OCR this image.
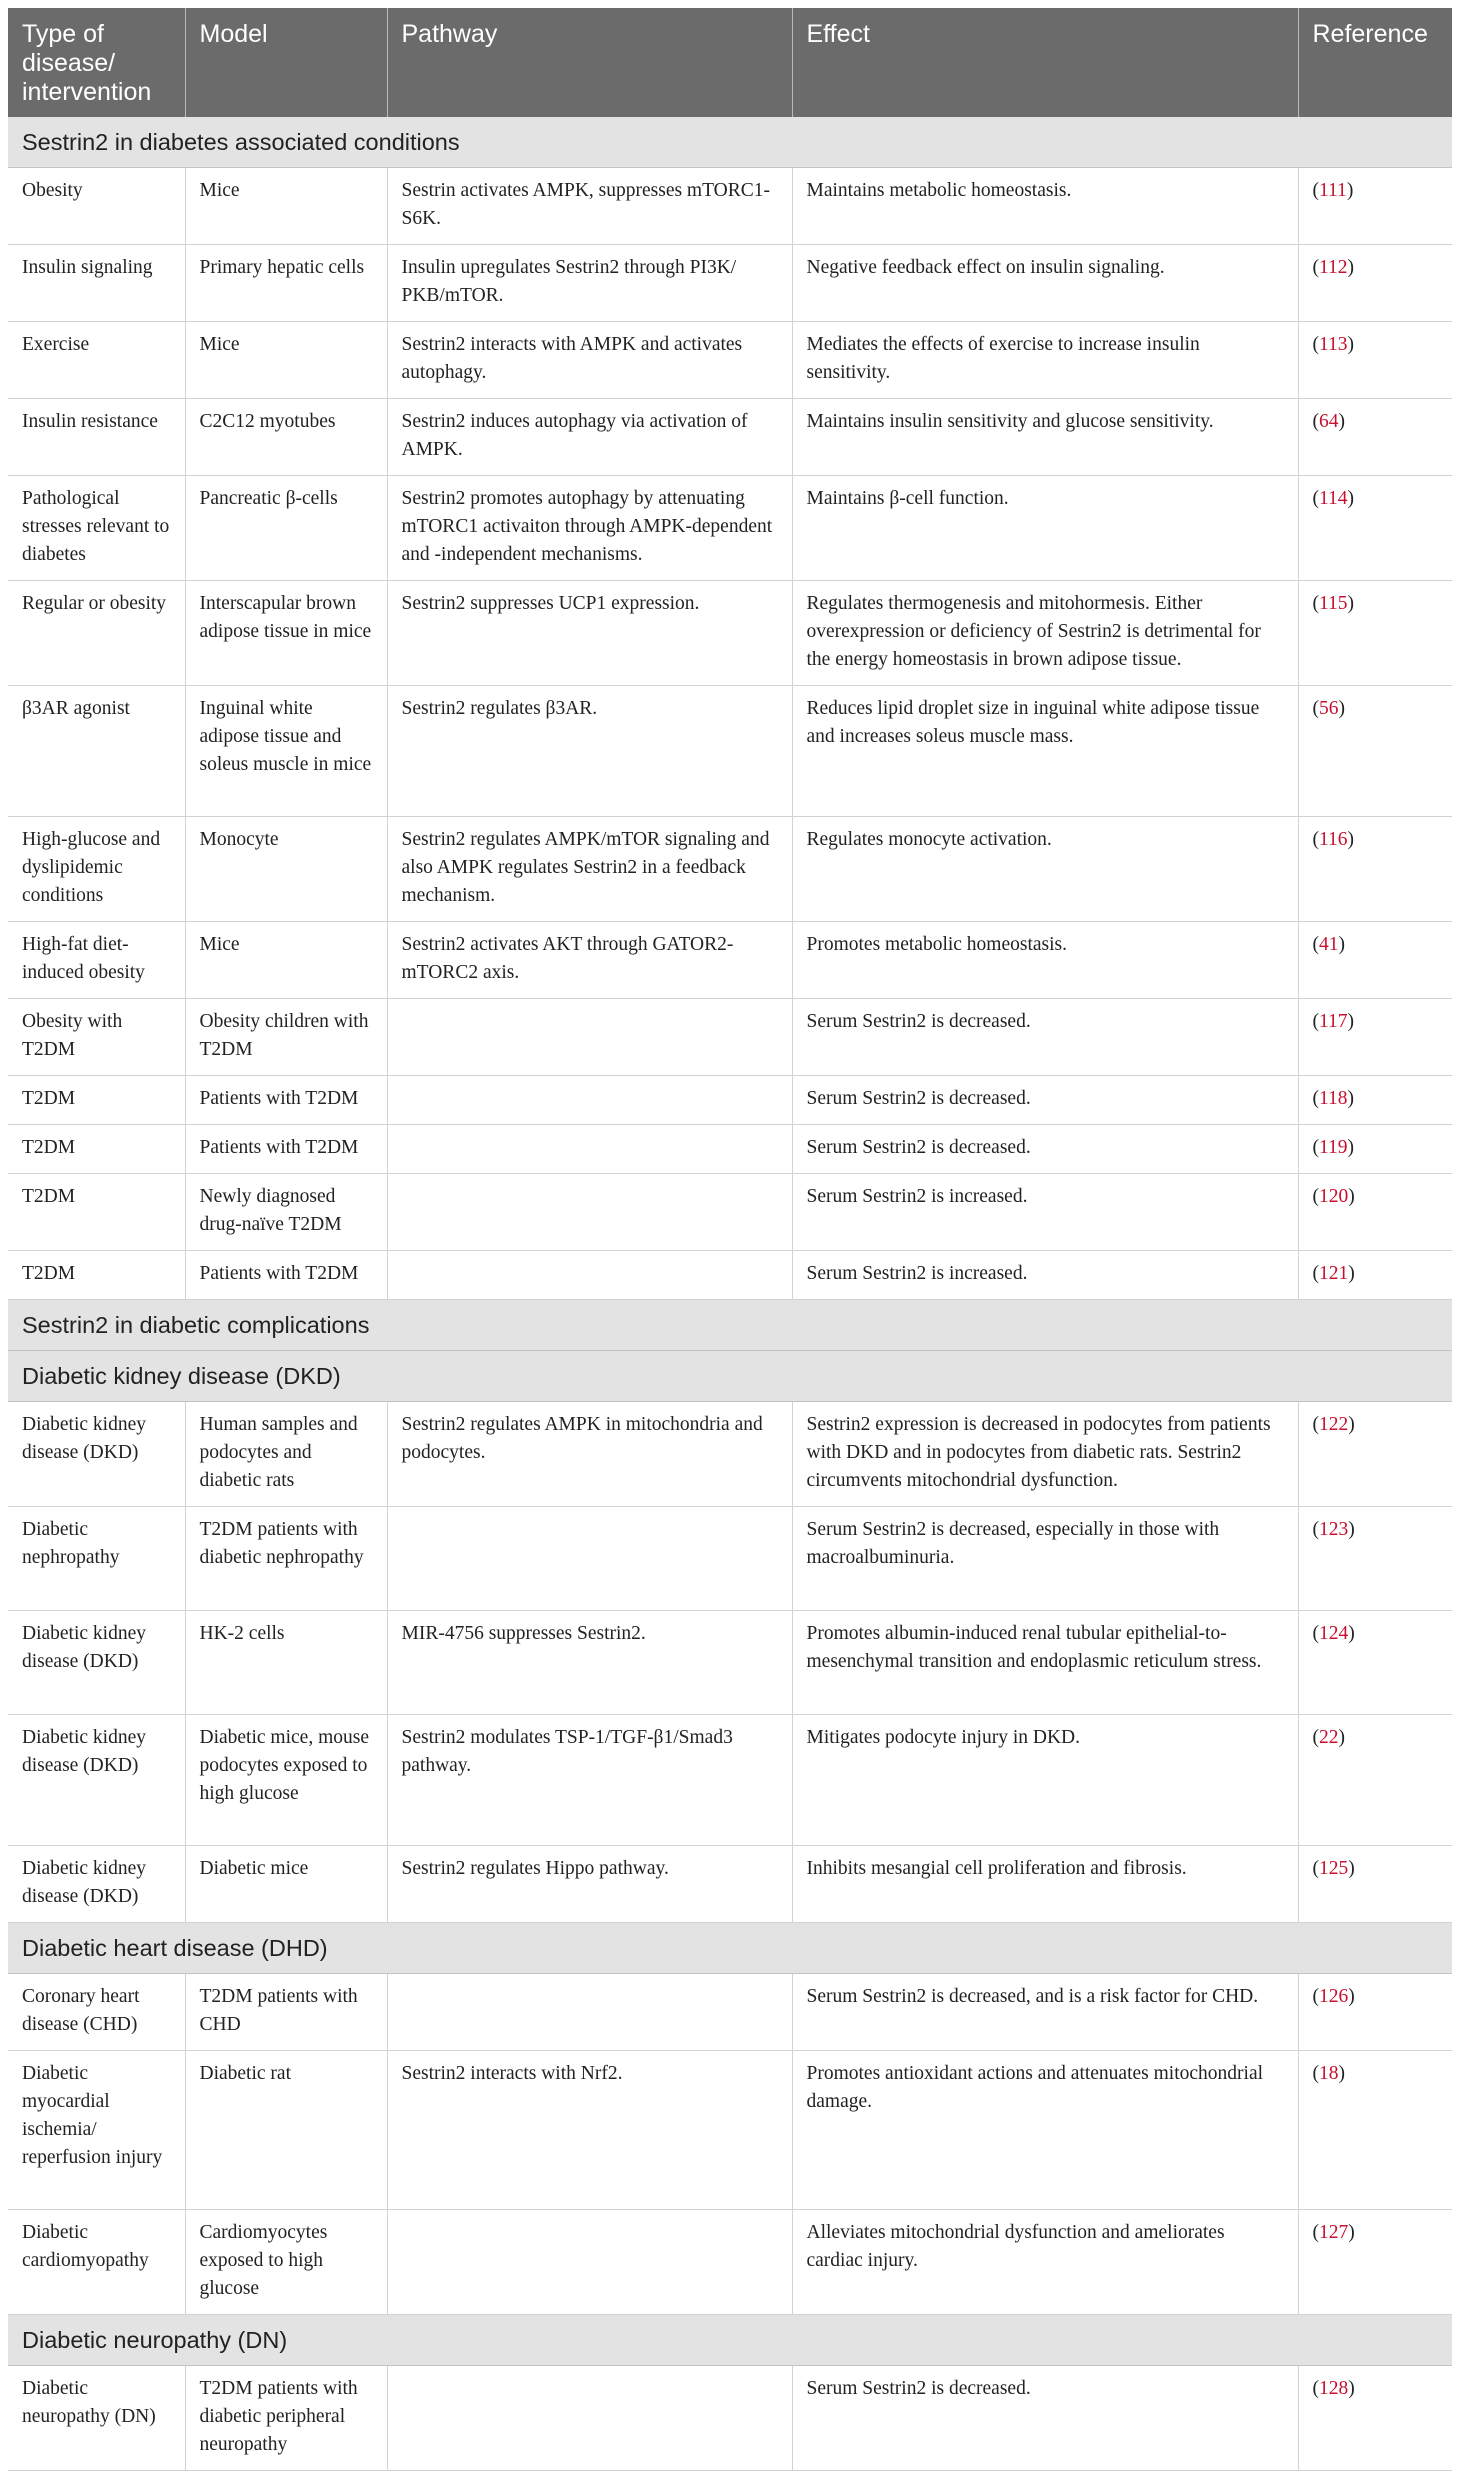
Type of disease/ intervention	Model	Pathway	Effect	Reference
Sestrin2 in diabetes associated conditions				
Obesity	Mice	Sestrin activates AMPK, suppresses mTORC1-S6K.	Maintains metabolic homeostasis.	(111)
Insulin signaling	Primary hepatic cells	Insulin upregulates Sestrin2 through PI3K/ PKB/mTOR.	Negative feedback effect on insulin signaling.	(112)
Exercise	Mice	Sestrin2 interacts with AMPK and activates autophagy.	Mediates the effects of exercise to increase insulin sensitivity.	(113)
Insulin resistance	C2C12 myotubes	Sestrin2 induces autophagy via activation of AMPK.	Maintains insulin sensitivity and glucose sensitivity.	(64)
Pathological stresses relevant to diabetes	Pancreatic β-cells	Sestrin2 promotes autophagy by attenuating mTORC1 activaiton through AMPK-dependent and -independent mechanisms.	Maintains β-cell function.	(114)
Regular or obesity	Interscapular brown adipose tissue in mice	Sestrin2 suppresses UCP1 expression.	Regulates thermogenesis and mitohormesis. Either overexpression or deficiency of Sestrin2 is detrimental for the energy homeostasis in brown adipose tissue.	(115)
β3AR agonist	Inguinal white adipose tissue and soleus muscle in mice	Sestrin2 regulates β3AR.	Reduces lipid droplet size in inguinal white adipose tissue and increases soleus muscle mass.	(56)
High-glucose and dyslipidemic conditions	Monocyte	Sestrin2 regulates AMPK/mTOR signaling and also AMPK regulates Sestrin2 in a feedback mechanism.	Regulates monocyte activation.	(116)
High-fat diet-induced obesity	Mice	Sestrin2 activates AKT through GATOR2-mTORC2 axis.	Promotes metabolic homeostasis.	(41)
Obesity with T2DM	Obesity children with T2DM		Serum Sestrin2 is decreased.	(117)
T2DM	Patients with T2DM		Serum Sestrin2 is decreased.	(118)
T2DM	Patients with T2DM		Serum Sestrin2 is decreased.	(119)
T2DM	Newly diagnosed drug-naïve T2DM		Serum Sestrin2 is increased.	(120)
T2DM	Patients with T2DM		Serum Sestrin2 is increased.	(121)
Sestrin2 in diabetic complications				
Diabetic kidney disease (DKD)				
Diabetic kidney disease (DKD)	Human samples and podocytes and diabetic rats	Sestrin2 regulates AMPK in mitochondria and podocytes.	Sestrin2 expression is decreased in podocytes from patients with DKD and in podocytes from diabetic rats. Sestrin2 circumvents mitochondrial dysfunction.	(122)
Diabetic nephropathy	T2DM patients with diabetic nephropathy		Serum Sestrin2 is decreased, especially in those with macroalbuminuria.	(123)
Diabetic kidney disease (DKD)	HK-2 cells	MIR-4756 suppresses Sestrin2.	Promotes albumin-induced renal tubular epithelial-to-mesenchymal transition and endoplasmic reticulum stress.	(124)
Diabetic kidney disease (DKD)	Diabetic mice, mouse podocytes exposed to high glucose	Sestrin2 modulates TSP-1/TGF-β1/Smad3 pathway.	Mitigates podocyte injury in DKD.	(22)
Diabetic kidney disease (DKD)	Diabetic mice	Sestrin2 regulates Hippo pathway.	Inhibits mesangial cell proliferation and fibrosis.	(125)
Diabetic heart disease (DHD)				
Coronary heart disease (CHD)	T2DM patients with CHD		Serum Sestrin2 is decreased, and is a risk factor for CHD.	(126)
Diabetic myocardial ischemia/ reperfusion injury	Diabetic rat	Sestrin2 interacts with Nrf2.	Promotes antioxidant actions and attenuates mitochondrial damage.	(18)
Diabetic cardiomyopathy	Cardiomyocytes exposed to high glucose		Alleviates mitochondrial dysfunction and ameliorates cardiac injury.	(127)
Diabetic neuropathy (DN)				
Diabetic neuropathy (DN)	T2DM patients with diabetic peripheral neuropathy		Serum Sestrin2 is decreased.	(128)
